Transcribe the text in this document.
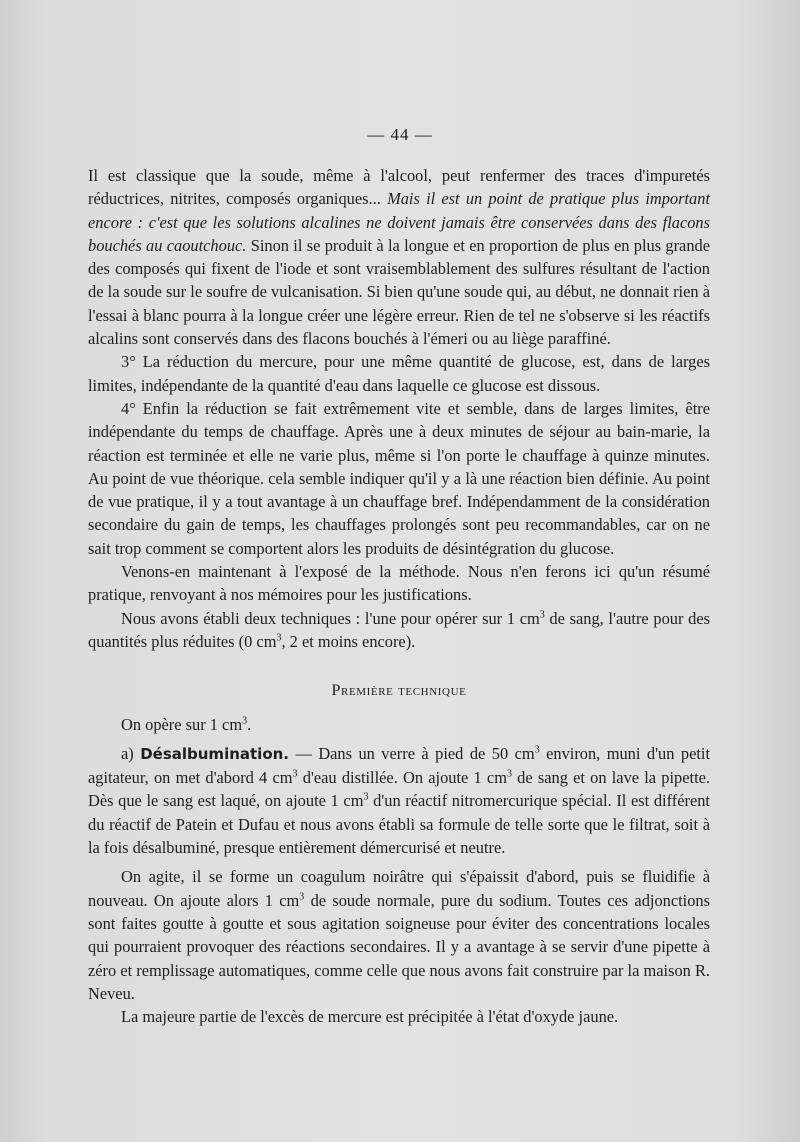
— 44 —

Il est classique que la soude, même à l'alcool, peut renfermer des traces d'impuretés réductrices, nitrites, composés organiques... Mais il est un point de pratique plus important encore : c'est que les solutions alcalines ne doivent jamais être conservées dans des flacons bouchés au caoutchouc. Sinon il se produit à la longue et en proportion de plus en plus grande des composés qui fixent de l'iode et sont vraisemblablement des sulfures résultant de l'action de la soude sur le soufre de vulcanisation. Si bien qu'une soude qui, au début, ne donnait rien à l'essai à blanc pourra à la longue créer une légère erreur. Rien de tel ne s'observe si les réactifs alcalins sont conservés dans des flacons bouchés à l'émeri ou au liège paraffiné.

3° La réduction du mercure, pour une même quantité de glucose, est, dans de larges limites, indépendante de la quantité d'eau dans laquelle ce glucose est dissous.

4° Enfin la réduction se fait extrêmement vite et semble, dans de larges limites, être indépendante du temps de chauffage. Après une à deux minutes de séjour au bain-marie, la réaction est terminée et elle ne varie plus, même si l'on porte le chauffage à quinze minutes. Au point de vue théorique. cela semble indiquer qu'il y a là une réaction bien définie. Au point de vue pratique, il y a tout avantage à un chauffage bref. Indépendamment de la considération secondaire du gain de temps, les chauffages prolongés sont peu recommandables, car on ne sait trop comment se comportent alors les produits de désintégration du glucose.

Venons-en maintenant à l'exposé de la méthode. Nous n'en ferons ici qu'un résumé pratique, renvoyant à nos mémoires pour les justifications.

Nous avons établi deux techniques : l'une pour opérer sur 1 $cm^3$ de sang, l'autre pour des quantités plus réduites (0 $cm^3$, 2 et moins encore).

Première technique

On opère sur 1 $cm^3$.

a) Désalbumination. — Dans un verre à pied de 50 $cm^3$ environ, muni d'un petit agitateur, on met d'abord 4 $cm^3$ d'eau distillée. On ajoute 1 $cm^3$ de sang et on lave la pipette. Dès que le sang est laqué, on ajoute 1 $cm^3$ d'un réactif nitromercurique spécial. Il est différent du réactif de Patein et Dufau et nous avons établi sa formule de telle sorte que le filtrat, soit à la fois désalbuminé, presque entièrement démercurisé et neutre.

On agite, il se forme un coagulum noirâtre qui s'épaissit d'abord, puis se fluidifie à nouveau. On ajoute alors 1 $cm^3$ de soude normale, pure du sodium. Toutes ces adjonctions sont faites goutte à goutte et sous agitation soigneuse pour éviter des concentrations locales qui pourraient provoquer des réactions secondaires. Il y a avantage à se servir d'une pipette à zéro et remplissage automatiques, comme celle que nous avons fait construire par la maison R. Neveu.

La majeure partie de l'excès de mercure est précipitée à l'état d'oxyde jaune.
